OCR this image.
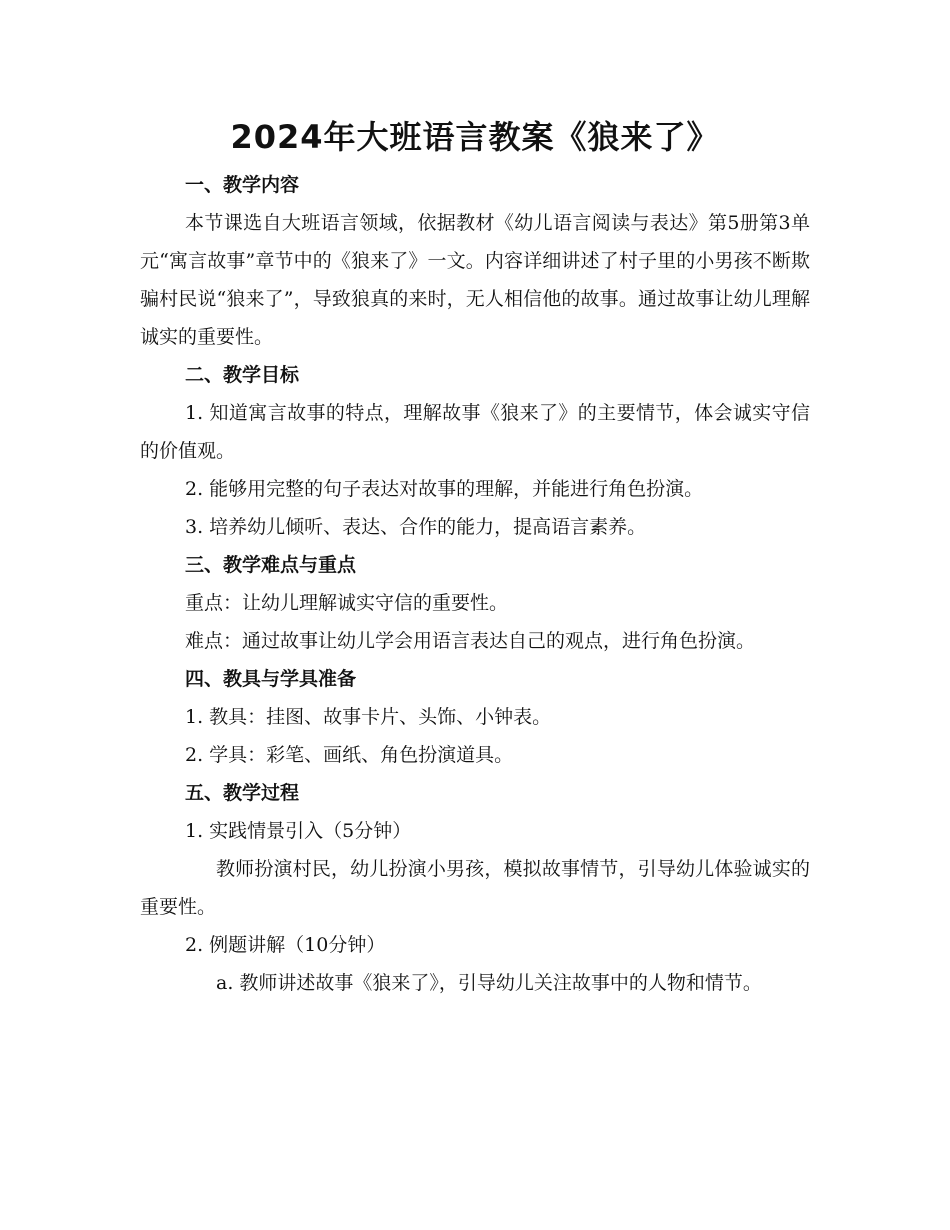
2024年大班语言教案《狼来了》
一、教学内容

本节课选自大班语言领域，依据教材《幼儿语言阅读与表达》第5册第3单元“寓言故事”章节中的《狼来了》一文。内容详细讲述了村子里的小男孩不断欺骗村民说“狼来了”，导致狼真的来时，无人相信他的故事。通过故事让幼儿理解诚实的重要性。

二、教学目标

1. 知道寓言故事的特点，理解故事《狼来了》的主要情节，体会诚实守信的价值观。

2. 能够用完整的句子表达对故事的理解，并能进行角色扮演。

3. 培养幼儿倾听、表达、合作的能力，提高语言素养。

三、教学难点与重点

重点：让幼儿理解诚实守信的重要性。

难点：通过故事让幼儿学会用语言表达自己的观点，进行角色扮演。

四、教具与学具准备

1. 教具：挂图、故事卡片、头饰、小钟表。

2. 学具：彩笔、画纸、角色扮演道具。

五、教学过程

1. 实践情景引入（5分钟）

教师扮演村民，幼儿扮演小男孩，模拟故事情节，引导幼儿体验诚实的重要性。

2. 例题讲解（10分钟）

a. 教师讲述故事《狼来了》，引导幼儿关注故事中的人物和情节。
